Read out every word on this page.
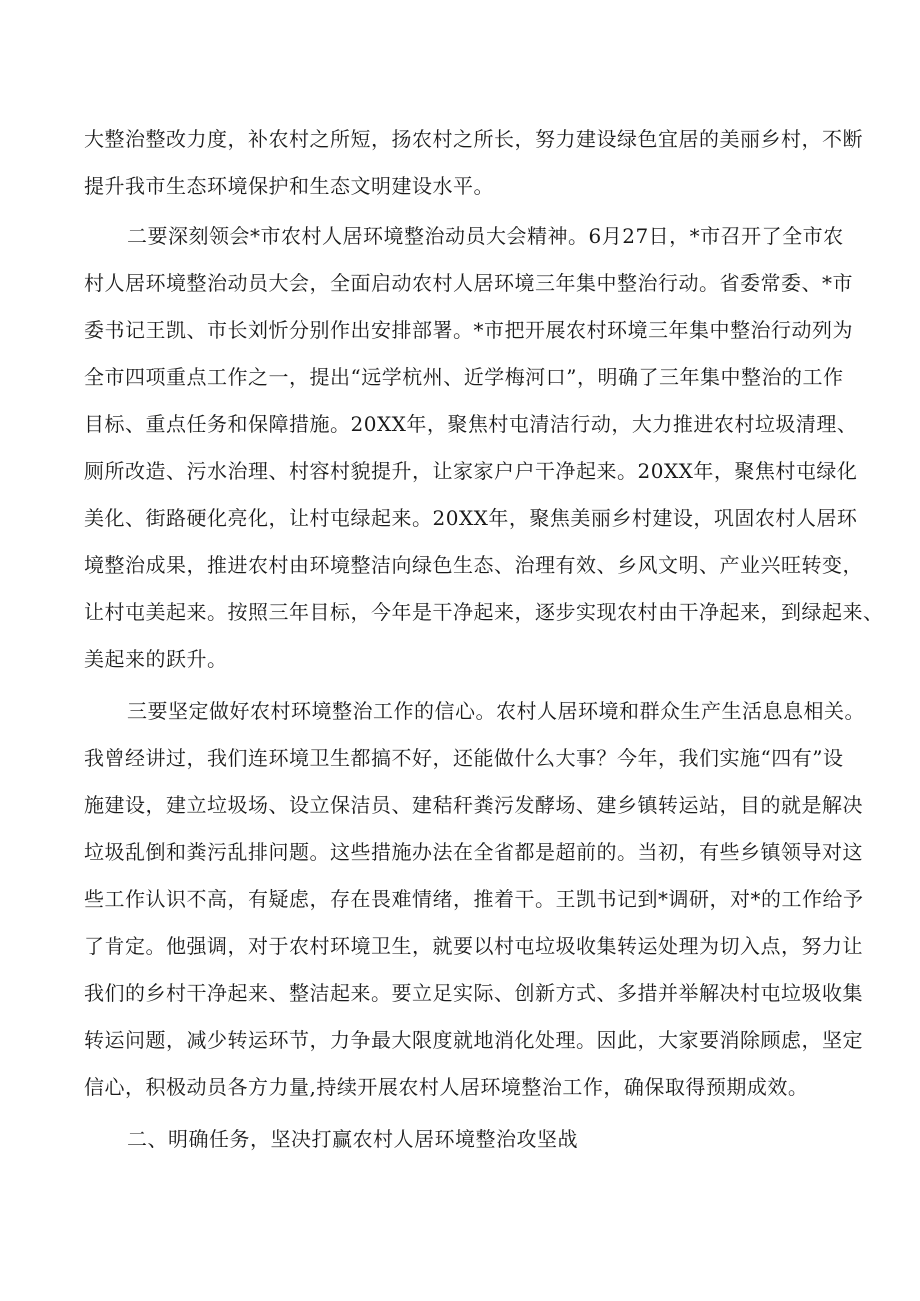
大整治整改力度，补农村之所短，扬农村之所长，努力建设绿色宜居的美丽乡村，不断
提升我市生态环境保护和生态文明建设水平。
二要深刻领会*市农村人居环境整治动员大会精神。6月27日，*市召开了全市农
村人居环境整治动员大会，全面启动农村人居环境三年集中整治行动。省委常委、*市
委书记王凯、市长刘忻分别作出安排部署。*市把开展农村环境三年集中整治行动列为
全市四项重点工作之一，提出“远学杭州、近学梅河口”，明确了三年集中整治的工作
目标、重点任务和保障措施。20XX年，聚焦村屯清洁行动，大力推进农村垃圾清理、
厕所改造、污水治理、村容村貌提升，让家家户户干净起来。20XX年，聚焦村屯绿化
美化、街路硬化亮化，让村屯绿起来。20XX年，聚焦美丽乡村建设，巩固农村人居环
境整治成果，推进农村由环境整洁向绿色生态、治理有效、乡风文明、产业兴旺转变，
让村屯美起来。按照三年目标，今年是干净起来，逐步实现农村由干净起来，到绿起来、
美起来的跃升。
三要坚定做好农村环境整治工作的信心。农村人居环境和群众生产生活息息相关。
我曾经讲过，我们连环境卫生都搞不好，还能做什么大事？今年，我们实施“四有”设
施建设，建立垃圾场、设立保洁员、建秸秆粪污发酵场、建乡镇转运站，目的就是解决
垃圾乱倒和粪污乱排问题。这些措施办法在全省都是超前的。当初，有些乡镇领导对这
些工作认识不高，有疑虑，存在畏难情绪，推着干。王凯书记到*调研，对*的工作给予
了肯定。他强调，对于农村环境卫生，就要以村屯垃圾收集转运处理为切入点，努力让
我们的乡村干净起来、整洁起来。要立足实际、创新方式、多措并举解决村屯垃圾收集
转运问题，减少转运环节，力争最大限度就地消化处理。因此，大家要消除顾虑，坚定
信心，积极动员各方力量,持续开展农村人居环境整治工作，确保取得预期成效。
二、明确任务，坚决打赢农村人居环境整治攻坚战
